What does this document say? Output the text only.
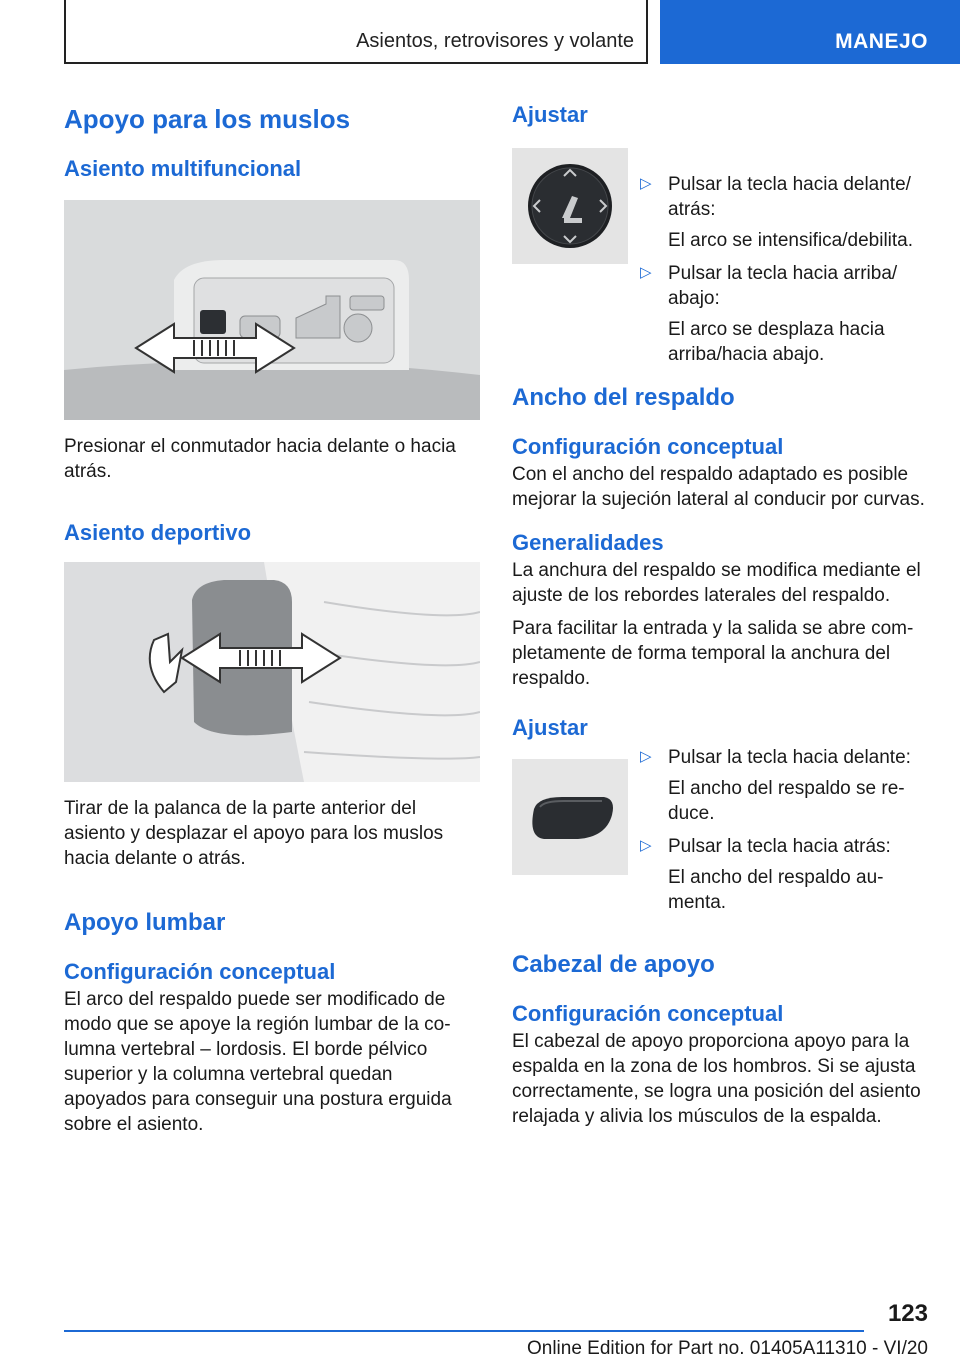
Asientos, retrovisores y volante	MANEJO
Apoyo para los muslos
Asiento multifuncional

Presionar el conmutador hacia delante o hacia atrás.

Asiento deportivo

Tirar de la palanca de la parte anterior del asiento y desplazar el apoyo para los muslos hacia delante o atrás.

Apoyo lumbar
Configuración conceptual

El arco del respaldo puede ser modificado de modo que se apoye la región lumbar de la columna vertebral – lordosis. El borde pélvico superior y la columna vertebral quedan apoyados para conseguir una postura erguida sobre el asiento.

Ajustar
▷ Pulsar la tecla hacia delante/ atrás:

El arco se intensifica/debilita.

▷ Pulsar la tecla hacia arriba/ abajo:

El arco se desplaza hacia arriba/hacia abajo.

Ancho del respaldo
Configuración conceptual

Con el ancho del respaldo adaptado es posible mejorar la sujeción lateral al conducir por curvas.

Generalidades

La anchura del respaldo se modifica mediante el ajuste de los rebordes laterales del respaldo.

Para facilitar la entrada y la salida se abre completamente de forma temporal la anchura del respaldo.

Ajustar
▷ Pulsar la tecla hacia delante:

El ancho del respaldo se reduce.

▷ Pulsar la tecla hacia atrás:

El ancho del respaldo aumenta.

Cabezal de apoyo
Configuración conceptual

El cabezal de apoyo proporciona apoyo para la espalda en la zona de los hombros. Si se ajusta correctamente, se logra una posición del asiento relajada y alivia los músculos de la espalda.

123
Online Edition for Part no. 01405A11310 - VI/20
